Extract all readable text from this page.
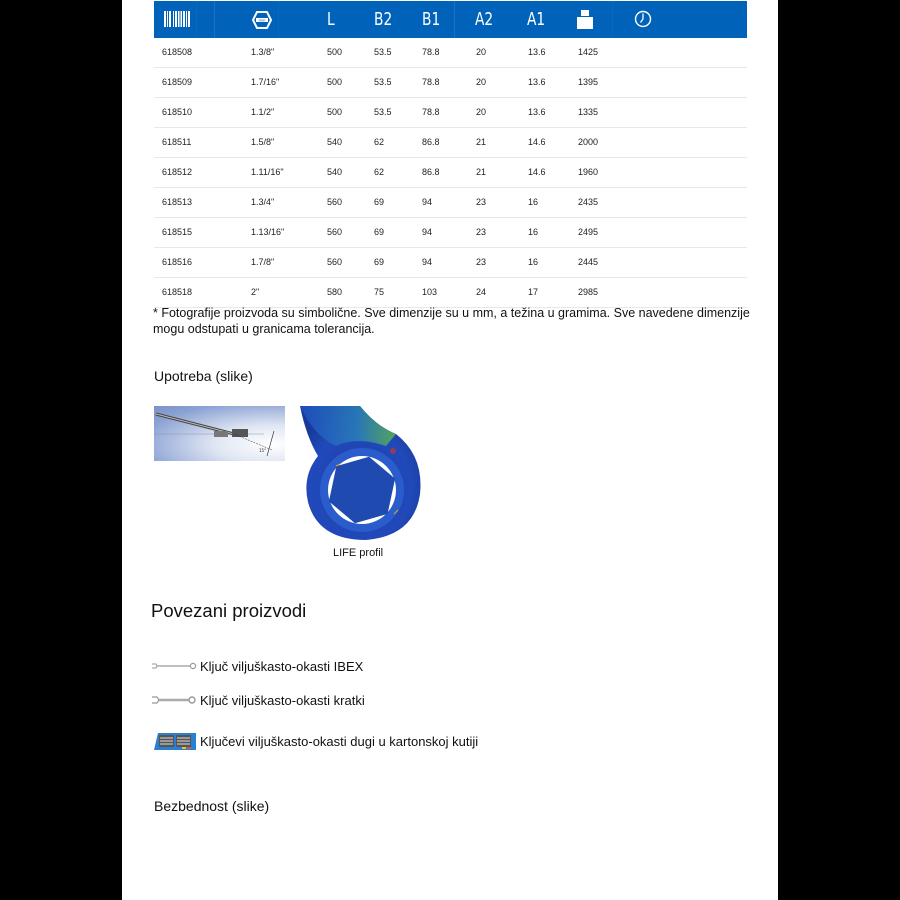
mm	L B2 B1 A2 A1
618508	1.3/8"	500	53.5	78.8	20	13.6	1425
618509	1.7/16"	500	53.5	78.8	20	13.6	1395
618510	1.1/2"	500	53.5	78.8	20	13.6	1335
618511	1.5/8"	540	62	86.8	21	14.6	2000
618512	1.11/16"	540	62	86.8	21	14.6	1960
618513	1.3/4"	560	69	94	23	16	2435
618515	1.13/16"	560	69	94	23	16	2495
618516	1.7/8"	560	69	94	23	16	2445
618518	2"	580	75	103	24	17	2985
* Fotografije proizvoda su simbolične. Sve dimenzije su u mm, a težina u gramima. Sve navedene dimenzije mogu odstupati u granicama tolerancija.
Upotreba (slike)
15°
LIFE profil
Povezani proizvodi
Ključ viljuškasto-okasti IBEX
Ključ viljuškasto-okasti kratki
Ključevi viljuškasto-okasti dugi u kartonskoj kutiji
Bezbednost (slike)
